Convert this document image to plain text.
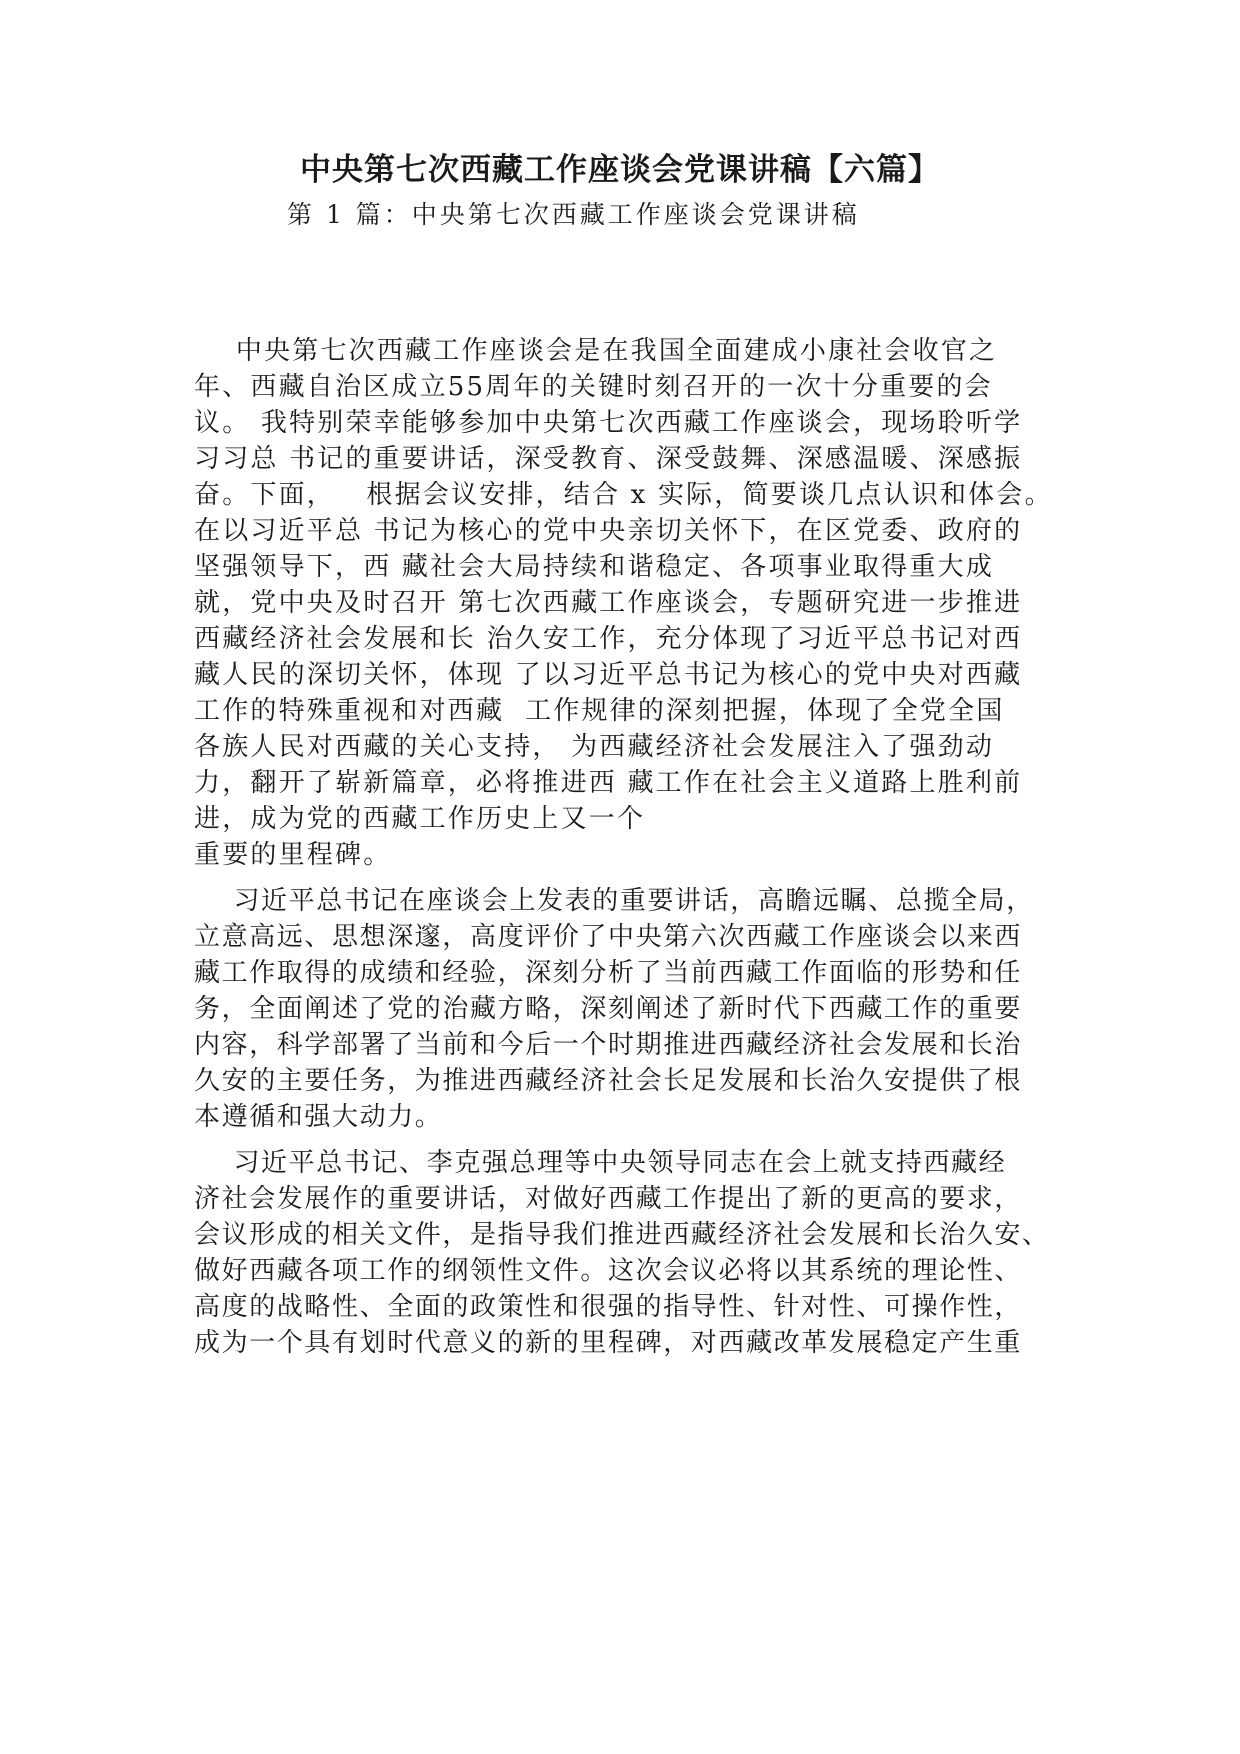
中央第七次西藏工作座谈会党课讲稿【六篇】

第 1 篇：中央第七次西藏工作座谈会党课讲稿

中央第七次西藏工作座谈会是在我国全面建成小康社会收官之

年、西藏自治区成立55周年的关键时刻召开的一次十分重要的会

议。 我特别荣幸能够参加中央第七次西藏工作座谈会，现场聆听学

习习总 书记的重要讲话，深受教育、深受鼓舞、深感温暖、深感振

奋。下面，   根据会议安排，结合 x 实际，简要谈几点认识和体会。

在以习近平总 书记为核心的党中央亲切关怀下，在区党委、政府的

坚强领导下，西 藏社会大局持续和谐稳定、各项事业取得重大成

就，党中央及时召开 第七次西藏工作座谈会，专题研究进一步推进

西藏经济社会发展和长 治久安工作，充分体现了习近平总书记对西

藏人民的深切关怀，体现 了以习近平总书记为核心的党中央对西藏

工作的特殊重视和对西藏  工作规律的深刻把握，体现了全党全国

各族人民对西藏的关心支持， 为西藏经济社会发展注入了强劲动

力，翻开了崭新篇章，必将推进西 藏工作在社会主义道路上胜利前

进，成为党的西藏工作历史上又一个

重要的里程碑。

习近平总书记在座谈会上发表的重要讲话，高瞻远瞩、总揽全局，

立意高远、思想深邃，高度评价了中央第六次西藏工作座谈会以来西

藏工作取得的成绩和经验，深刻分析了当前西藏工作面临的形势和任

务，全面阐述了党的治藏方略，深刻阐述了新时代下西藏工作的重要

内容，科学部署了当前和今后一个时期推进西藏经济社会发展和长治

久安的主要任务，为推进西藏经济社会长足发展和长治久安提供了根

本遵循和强大动力。

习近平总书记、李克强总理等中央领导同志在会上就支持西藏经

济社会发展作的重要讲话，对做好西藏工作提出了新的更高的要求，

会议形成的相关文件，是指导我们推进西藏经济社会发展和长治久安、

做好西藏各项工作的纲领性文件。这次会议必将以其系统的理论性、

高度的战略性、全面的政策性和很强的指导性、针对性、可操作性，

成为一个具有划时代意义的新的里程碑，对西藏改革发展稳定产生重
